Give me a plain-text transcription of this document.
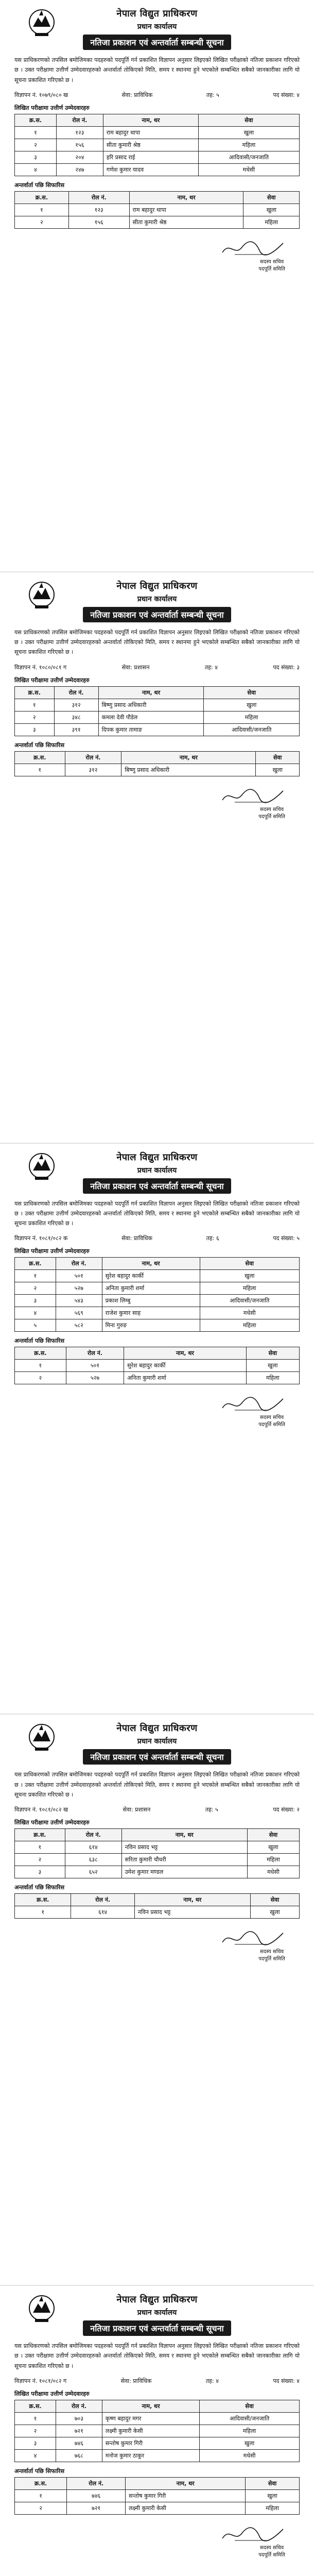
नेपाल विद्युत प्राधिकरण
प्रधान कार्यालय
नतिजा प्रकाशन एवं अन्तर्वार्ता सम्बन्धी सूचना
यस प्राधिकरणको तपसिल बमोजिमका पदहरुको पदपूर्ति गर्न प्रकाशित विज्ञापन अनुसार लिइएको लिखित परीक्षाको नतिजा प्रकाशन गरिएको छ । उक्त परीक्षामा उत्तीर्ण उम्मेदवारहरुको अन्तर्वार्ता तोकिएको मिति, समय र स्थानमा हुने भएकोले सम्बन्धित सबैको जानकारीका लागि यो सूचना प्रकाशित गरिएको छ ।
विज्ञापन नं. १०७९/०८० ख	सेवा: प्राविधिक	तह: ५	पद संख्या: ४
लिखित परीक्षामा उत्तीर्ण उम्मेदवारहरु
क्र.स.	रोल नं.	नाम, थर	सेवा
१	१२३	राम बहादुर थापा	खुला
२	१५६	सीता कुमारी श्रेष्ठ	महिला
३	२०४	हरि प्रसाद राई	आदिवासी/जनजाति
४	२४७	गणेश कुमार यादव	मधेसी
अन्तर्वार्ता पछि सिफारिस
क्र.स.	रोल नं.	नाम, थर	सेवा
१	१२३	राम बहादुर थापा	खुला
२	१५६	सीता कुमारी श्रेष्ठ	महिला
सदस्य सचिव
पदपूर्ति समिति
नेपाल विद्युत प्राधिकरण
प्रधान कार्यालय
नतिजा प्रकाशन एवं अन्तर्वार्ता सम्बन्धी सूचना
यस प्राधिकरणको तपसिल बमोजिमका पदहरुको पदपूर्ति गर्न प्रकाशित विज्ञापन अनुसार लिइएको लिखित परीक्षाको नतिजा प्रकाशन गरिएको छ । उक्त परीक्षामा उत्तीर्ण उम्मेदवारहरुको अन्तर्वार्ता तोकिएको मिति, समय र स्थानमा हुने भएकोले सम्बन्धित सबैको जानकारीका लागि यो सूचना प्रकाशित गरिएको छ ।
विज्ञापन नं. १०८०/०८१ ग	सेवा: प्रशासन	तह: ४	पद संख्या: ३
लिखित परीक्षामा उत्तीर्ण उम्मेदवारहरु
क्र.स.	रोल नं.	नाम, थर	सेवा
१	३१२	बिष्णु प्रसाद अधिकारी	खुला
२	३४८	कमला देवी पौडेल	महिला
३	३९१	दिपक कुमार तामाङ	आदिवासी/जनजाति
अन्तर्वार्ता पछि सिफारिस
क्र.स.	रोल नं.	नाम, थर	सेवा
१	३१२	बिष्णु प्रसाद अधिकारी	खुला
सदस्य सचिव
पदपूर्ति समिति
नेपाल विद्युत प्राधिकरण
प्रधान कार्यालय
नतिजा प्रकाशन एवं अन्तर्वार्ता सम्बन्धी सूचना
यस प्राधिकरणको तपसिल बमोजिमका पदहरुको पदपूर्ति गर्न प्रकाशित विज्ञापन अनुसार लिइएको लिखित परीक्षाको नतिजा प्रकाशन गरिएको छ । उक्त परीक्षामा उत्तीर्ण उम्मेदवारहरुको अन्तर्वार्ता तोकिएको मिति, समय र स्थानमा हुने भएकोले सम्बन्धित सबैको जानकारीका लागि यो सूचना प्रकाशित गरिएको छ ।
विज्ञापन नं. १०८१/०८२ क	सेवा: प्राविधिक	तह: ६	पद संख्या: ५
लिखित परीक्षामा उत्तीर्ण उम्मेदवारहरु
क्र.स.	रोल नं.	नाम, थर	सेवा
१	५०१	सुरेश बहादुर कार्की	खुला
२	५२७	अनिता कुमारी शर्मा	महिला
३	५४३	प्रकाश लिम्बु	आदिवासी/जनजाति
४	५६९	राजेश कुमार साह	मधेसी
५	५८२	मिना गुरुङ	महिला
अन्तर्वार्ता पछि सिफारिस
क्र.स.	रोल नं.	नाम, थर	सेवा
१	५०१	सुरेश बहादुर कार्की	खुला
२	५२७	अनिता कुमारी शर्मा	महिला
सदस्य सचिव
पदपूर्ति समिति
नेपाल विद्युत प्राधिकरण
प्रधान कार्यालय
नतिजा प्रकाशन एवं अन्तर्वार्ता सम्बन्धी सूचना
यस प्राधिकरणको तपसिल बमोजिमका पदहरुको पदपूर्ति गर्न प्रकाशित विज्ञापन अनुसार लिइएको लिखित परीक्षाको नतिजा प्रकाशन गरिएको छ । उक्त परीक्षामा उत्तीर्ण उम्मेदवारहरुको अन्तर्वार्ता तोकिएको मिति, समय र स्थानमा हुने भएकोले सम्बन्धित सबैको जानकारीका लागि यो सूचना प्रकाशित गरिएको छ ।
विज्ञापन नं. १०८१/०८२ ख	सेवा: प्रशासन	तह: ५	पद संख्या: २
लिखित परीक्षामा उत्तीर्ण उम्मेदवारहरु
क्र.स.	रोल नं.	नाम, थर	सेवा
१	६१४	नविन प्रसाद भट्ट	खुला
२	६३८	सरिता कुमारी चौधरी	महिला
३	६५२	उमेश कुमार मण्डल	मधेसी
अन्तर्वार्ता पछि सिफारिस
क्र.स.	रोल नं.	नाम, थर	सेवा
१	६१४	नविन प्रसाद भट्ट	खुला
सदस्य सचिव
पदपूर्ति समिति
नेपाल विद्युत प्राधिकरण
प्रधान कार्यालय
नतिजा प्रकाशन एवं अन्तर्वार्ता सम्बन्धी सूचना
यस प्राधिकरणको तपसिल बमोजिमका पदहरुको पदपूर्ति गर्न प्रकाशित विज्ञापन अनुसार लिइएको लिखित परीक्षाको नतिजा प्रकाशन गरिएको छ । उक्त परीक्षामा उत्तीर्ण उम्मेदवारहरुको अन्तर्वार्ता तोकिएको मिति, समय र स्थानमा हुने भएकोले सम्बन्धित सबैको जानकारीका लागि यो सूचना प्रकाशित गरिएको छ ।
विज्ञापन नं. १०८१/०८२ ग	सेवा: प्राविधिक	तह: ४	पद संख्या: ४
लिखित परीक्षामा उत्तीर्ण उम्मेदवारहरु
क्र.स.	रोल नं.	नाम, थर	सेवा
१	७०३	कृष्ण बहादुर मगर	आदिवासी/जनजाति
२	७२१	लक्ष्मी कुमारी केसी	महिला
३	७४६	सन्तोष कुमार गिरी	खुला
४	७६८	मनोज कुमार ठाकुर	मधेसी
अन्तर्वार्ता पछि सिफारिस
क्र.स.	रोल नं.	नाम, थर	सेवा
१	७४६	सन्तोष कुमार गिरी	खुला
२	७२१	लक्ष्मी कुमारी केसी	महिला
सदस्य सचिव
पदपूर्ति समिति
